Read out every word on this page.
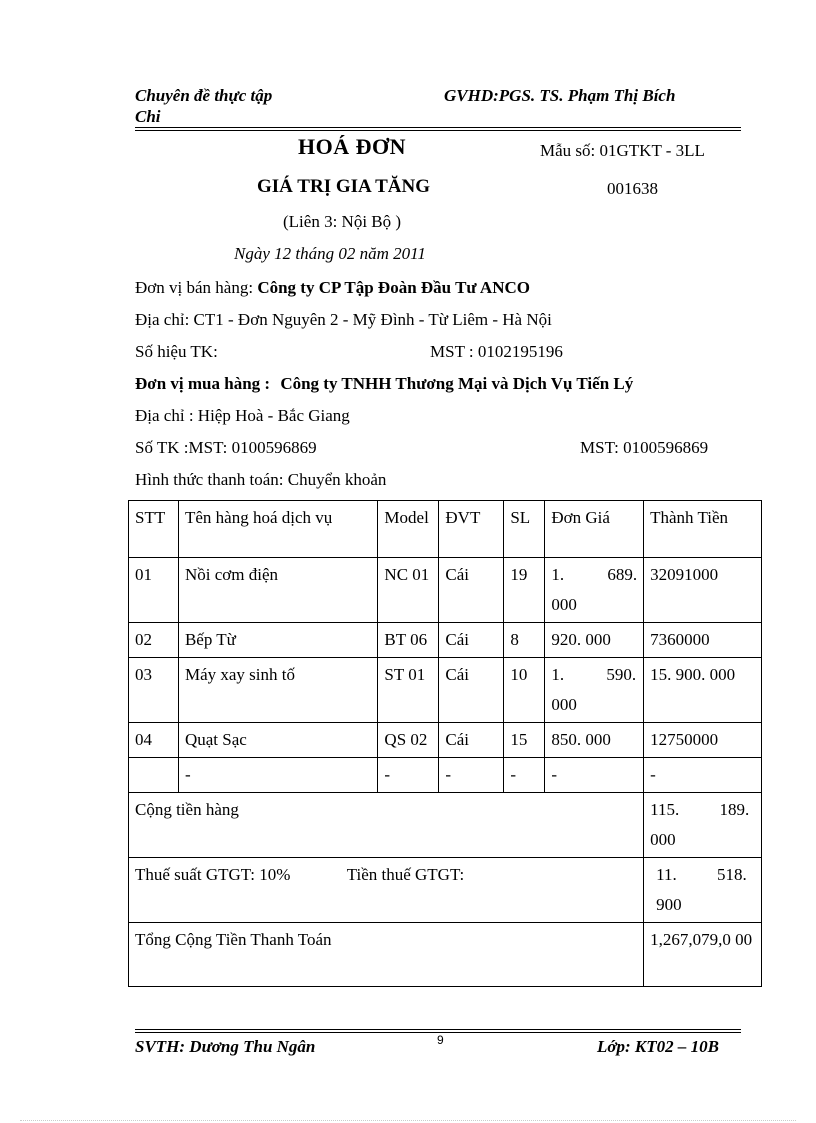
Chuyên đề thực tập
Chi
GVHD:PGS. TS. Phạm Thị Bích
HOÁ ĐƠN	Mẫu số: 01GTKT - 3LL
GIÁ TRỊ GIA TĂNG	001638
(Liên 3: Nội Bộ )
Ngày 12 tháng 02 năm 2011
Đơn vị bán hàng: Công ty CP Tập Đoàn Đầu Tư ANCO
Địa chỉ: CT1 - Đơn Nguyên 2 - Mỹ Đình - Từ Liêm - Hà Nội
Số hiệu TK:	MST : 0102195196
Đơn vị mua hàng : Công ty TNHH Thương Mại và Dịch Vụ Tiến Lý
Địa chỉ : Hiệp Hoà - Bắc Giang
Số TK :MST: 0100596869	MST: 0100596869
Hình thức thanh toán: Chuyển khoản
STT	Tên hàng hoá dịch vụ	Model	ĐVT	SL	Đơn Giá	Thành Tiền
01	Nồi cơm điện	NC 01	Cái	19	1. 689. 000	32091000
02	Bếp Từ	BT 06	Cái	8	920. 000	7360000
03	Máy xay sinh tố	ST 01	Cái	10	1. 590. 000	15. 900. 000
04	Quạt Sạc	QS 02	Cái	15	850. 000	12750000
	-	-	-	-	-	-
Cộng tiền hàng						115. 189. 000
Thuế suất GTGT: 10% Tiền thuế GTGT:						11. 518. 900
Tổng Cộng Tiền Thanh Toán						1,267,079,0 00
SVTH: Dương Thu Ngân	9	Lớp: KT02 – 10B
